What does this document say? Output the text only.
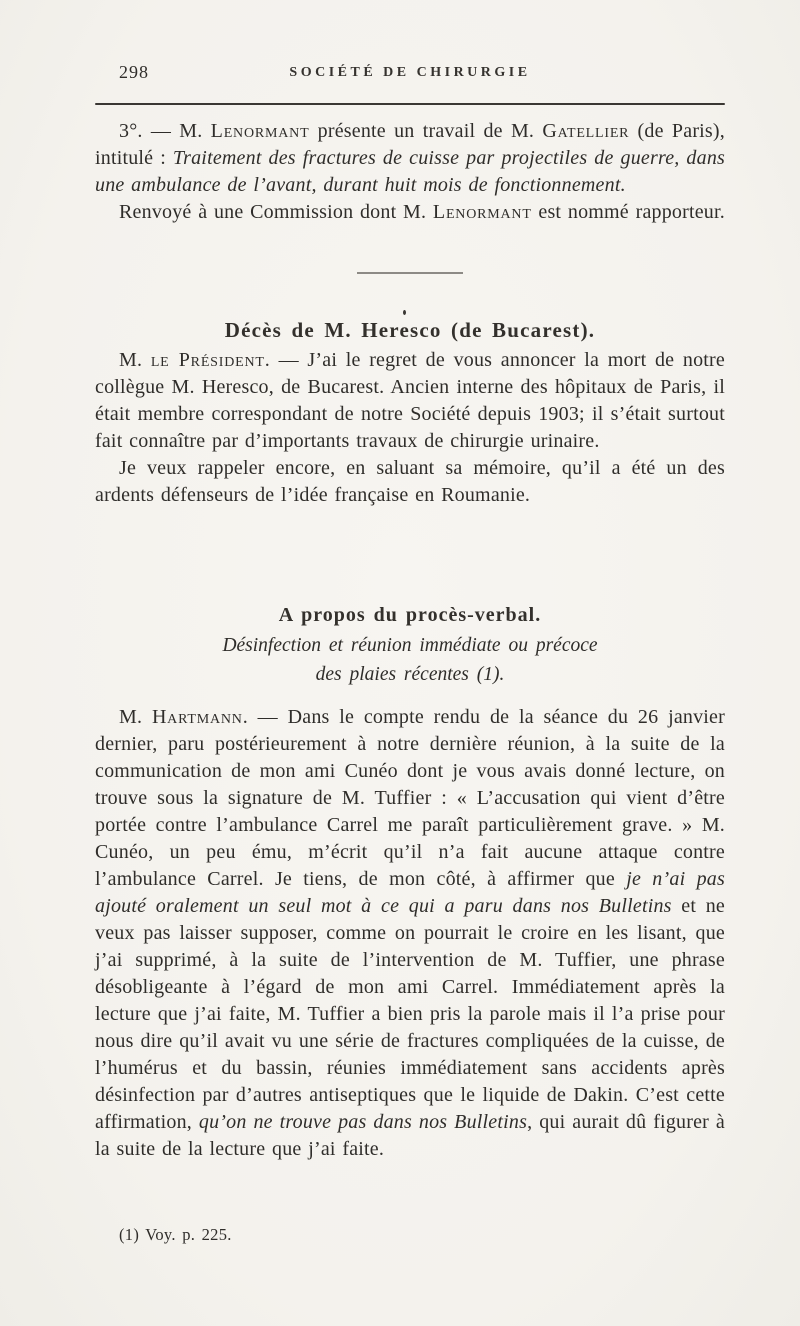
298	SOCIÉTÉ DE CHIRURGIE

3°. — M. Lenormant présente un travail de M. Gatellier (de Paris), intitulé : Traitement des fractures de cuisse par projectiles de guerre, dans une ambulance de l’avant, durant huit mois de fonctionnement.

Renvoyé à une Commission dont M. Lenormant est nommé rapporteur.

Décès de M. Heresco (de Bucarest).

M. le Président. — J’ai le regret de vous annoncer la mort de notre collègue M. Heresco, de Bucarest. Ancien interne des hôpitaux de Paris, il était membre correspondant de notre Société depuis 1903; il s’était surtout fait connaître par d’importants travaux de chirurgie urinaire.

Je veux rappeler encore, en saluant sa mémoire, qu’il a été un des ardents défenseurs de l’idée française en Roumanie.

A propos du procès-verbal.
Désinfection et réunion immédiate ou précoce
des plaies récentes (1).

M. Hartmann. — Dans le compte rendu de la séance du 26 janvier dernier, paru postérieurement à notre dernière réunion, à la suite de la communication de mon ami Cunéo dont je vous avais donné lecture, on trouve sous la signature de M. Tuffier : « L’accusation qui vient d’être portée contre l’ambulance Carrel me paraît particulièrement grave. » M. Cunéo, un peu ému, m’écrit qu’il n’a fait aucune attaque contre l’ambulance Carrel. Je tiens, de mon côté, à affirmer que je n’ai pas ajouté oralement un seul mot à ce qui a paru dans nos Bulletins et ne veux pas laisser supposer, comme on pourrait le croire en les lisant, que j’ai supprimé, à la suite de l’intervention de M. Tuffier, une phrase désobligeante à l’égard de mon ami Carrel. Immédiatement après la lecture que j’ai faite, M. Tuffier a bien pris la parole mais il l’a prise pour nous dire qu’il avait vu une série de fractures compliquées de la cuisse, de l’humérus et du bassin, réunies immédiatement sans accidents après désinfection par d’autres antiseptiques que le liquide de Dakin. C’est cette affirmation, qu’on ne trouve pas dans nos Bulletins, qui aurait dû figurer à la suite de la lecture que j’ai faite.

(1) Voy. p. 225.
